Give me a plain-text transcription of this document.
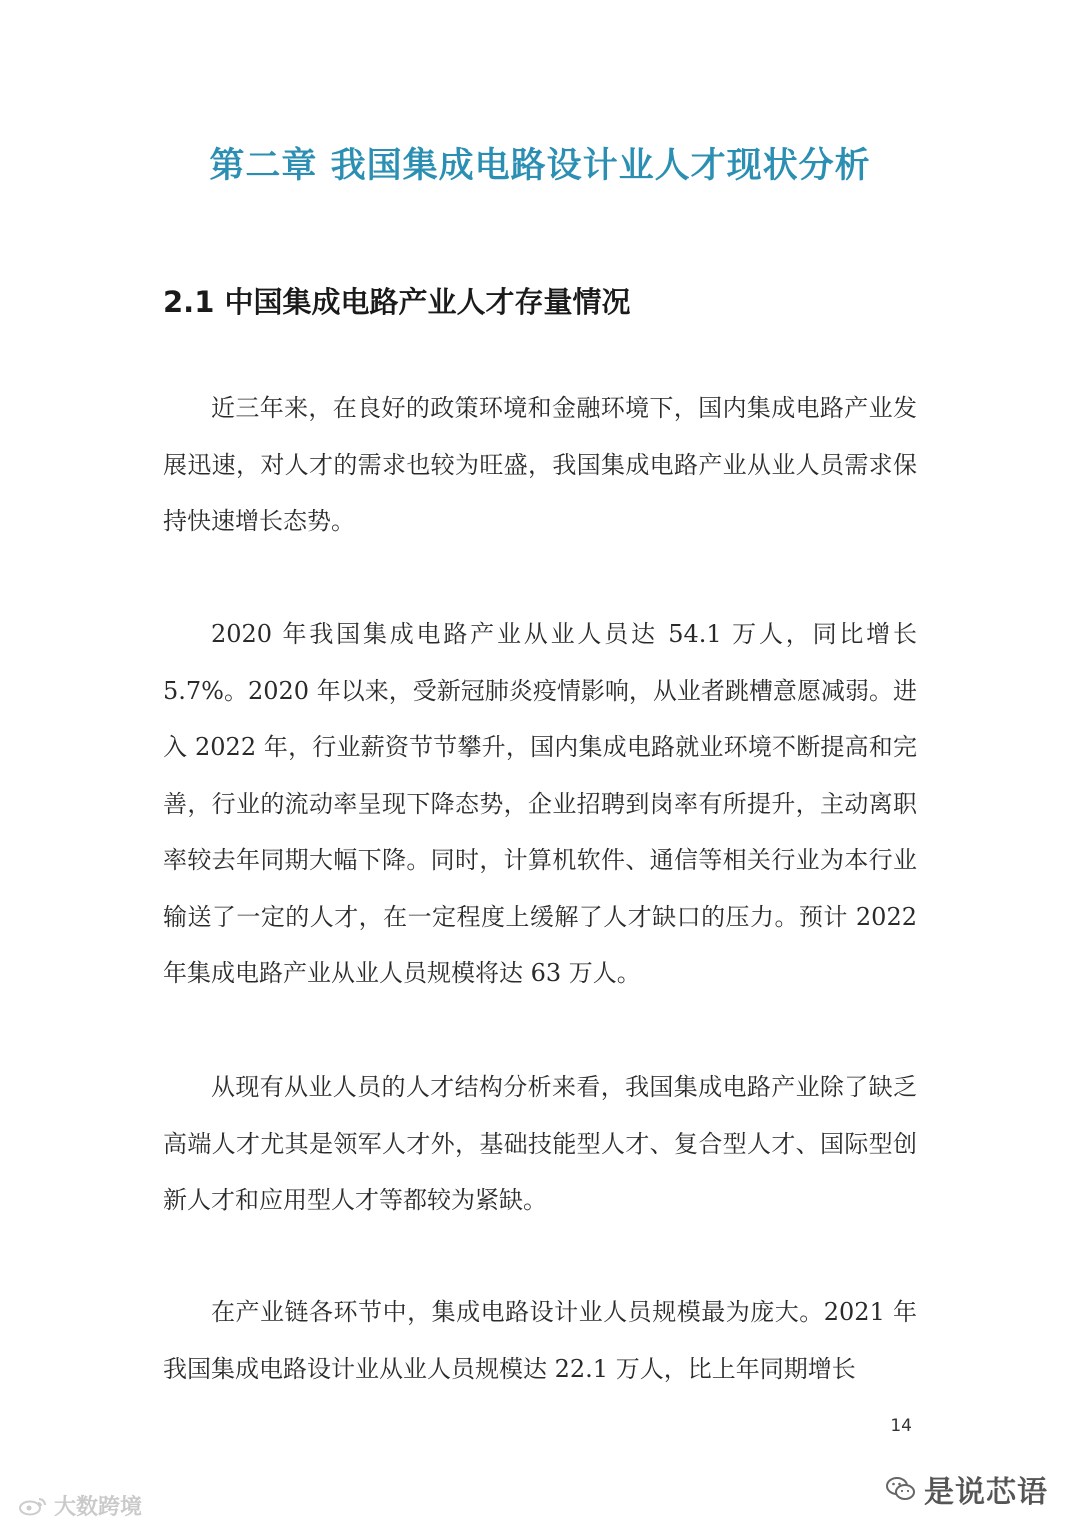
第二章 我国集成电路设计业人才现状分析
2.1 中国集成电路产业人才存量情况

近三年来，在良好的政策环境和金融环境下，国内集成电路产业发展迅速，对人才的需求也较为旺盛，我国集成电路产业从业人员需求保持快速增长态势。

2020 年我国集成电路产业从业人员达 54.1 万人，同比增长 5.7%。2020 年以来，受新冠肺炎疫情影响，从业者跳槽意愿减弱。进入 2022 年，行业薪资节节攀升，国内集成电路就业环境不断提高和完善，行业的流动率呈现下降态势，企业招聘到岗率有所提升，主动离职率较去年同期大幅下降。同时，计算机软件、通信等相关行业为本行业输送了一定的人才，在一定程度上缓解了人才缺口的压力。预计 2022 年集成电路产业从业人员规模将达 63 万人。

从现有从业人员的人才结构分析来看，我国集成电路产业除了缺乏高端人才尤其是领军人才外，基础技能型人才、复合型人才、国际型创新人才和应用型人才等都较为紧缺。

在产业链各环节中，集成电路设计业人员规模最为庞大。2021 年我国集成电路设计业从业人员规模达 22.1 万人，比上年同期增长

14
是说芯语
大数跨境
